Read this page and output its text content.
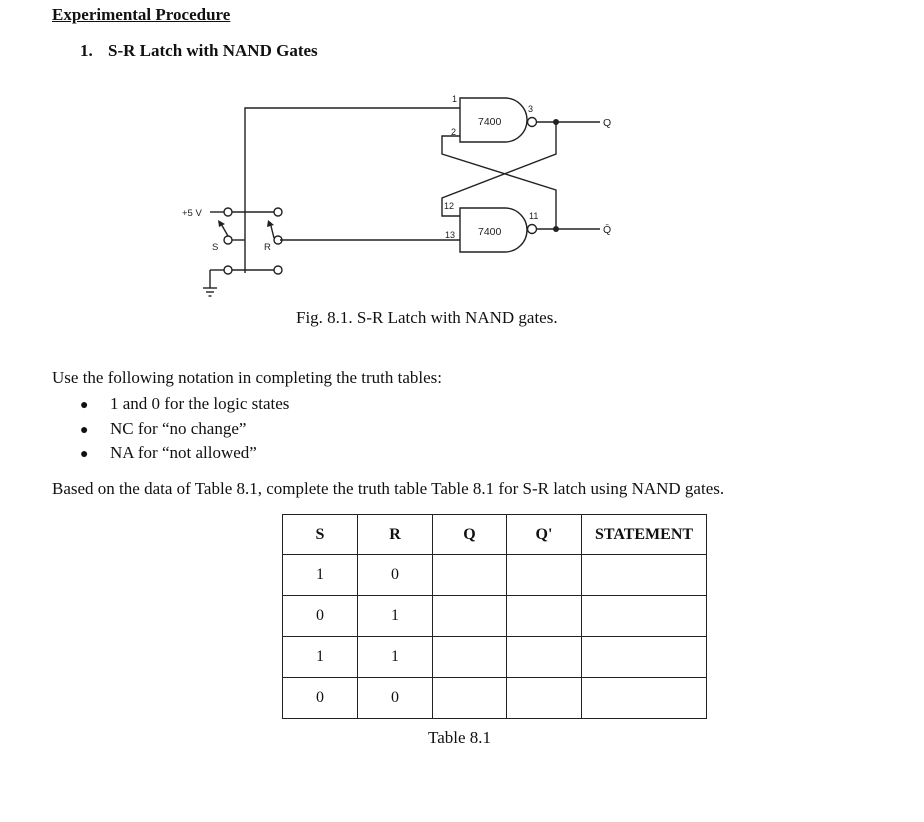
Experimental Procedure
1. S-R Latch with NAND Gates
7400
7400
1
2
3
12
13
11
Q
Q̄
+5 V
S	R
Fig. 8.1. S-R Latch with NAND gates.
Use the following notation in completing the truth tables:
● 1 and 0 for the logic states
● NC for “no change”
● NA for “not allowed”
Based on the data of Table 8.1, complete the truth table Table 8.1 for S-R latch using NAND gates.
S	R	Q	Q'	STATEMENT
1	0			
0	1			
1	1			
0	0			
Table 8.1
